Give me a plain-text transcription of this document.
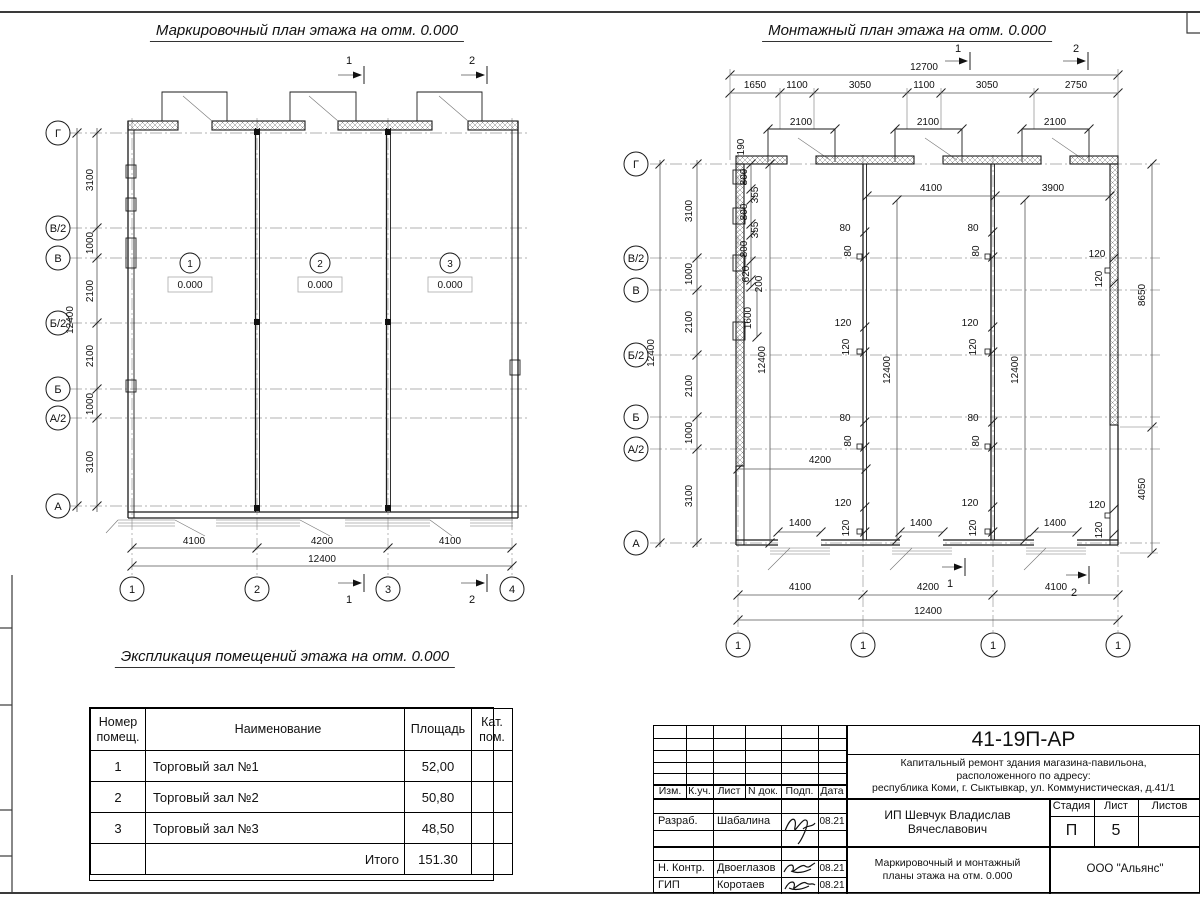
Г
В/2
В
Б/2
Б
А/2
А
3100
1000
2100
2100
1000
3100
12400
4100	4200	4100
12400
1	2	3	4
1
0.000
2
0.000
3
0.000
1	2
1	2
12700
1650 1100	3050	1100	3050	2750
190
2100	2100	2100
800
355
800
355
800
620
200
1600
12400
Г
В/2
В
Б/2
Б
А/2
А
3100
1000
2100
2100
1000
3100
12400
4100	3900
12400	12400
80
80
80
80
80
80
80
80
120
120
120
120
120
120
120
120
120
120
120
120
4200
1400	1400	1400
8650
4050
4100	4200	4100
12400
1	1	1	1
1	2
1
2
Маркировочный план этажа на отм. 0.000	Монтажный план этажа на отм. 0.000
Экспликация помещений этажа на отм. 0.000
Номер помещ.	Наименование	Площадь	Кат. пом.
1	Торговый зал №1	52,00	
2	Торговый зал №2	50,80	
3	Торговый зал №3	48,50	
	Итого	151.30	
Изм. К.уч. Лист N док. Подп. Дата
Разраб.	Шабалина	08.21
Н. Контр.	Двоеглазов	08.21
ГИП	Коротаев	08.21
41-19П-АР
Капитальный ремонт здания магазина-павильона,
расположенного по адресу:
республика Коми, г. Сыктывкар, ул. Коммунистическая, д.41/1
ИП Шевчук Владислав
Вячеславович
Маркировочный и монтажный
планы этажа на отм. 0.000
Стадия	Лист	Листов
П	5
ООО "Альянс"
